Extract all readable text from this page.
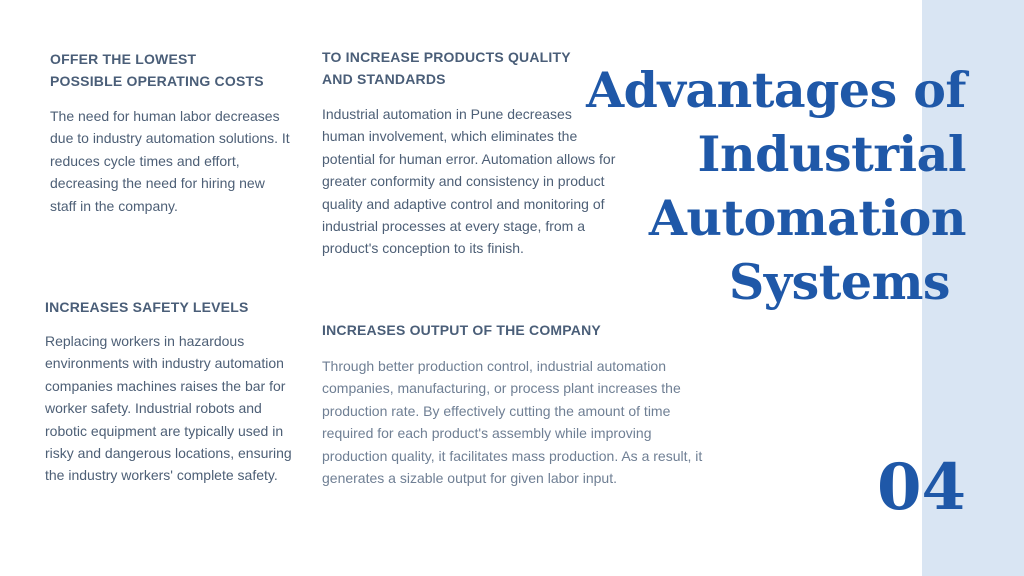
OFFER THE LOWEST
POSSIBLE OPERATING COSTS
The need for human labor decreases due to industry automation solutions. It reduces cycle times and effort, decreasing the need for hiring new staff in the company.
TO INCREASE PRODUCTS QUALITY
AND STANDARDS
Industrial automation in Pune decreases human involvement, which eliminates the potential for human error. Automation allows for greater conformity and consistency in product quality and adaptive control and monitoring of industrial processes at every stage, from a product's conception to its finish.
INCREASES SAFETY LEVELS
Replacing workers in hazardous environments with industry automation companies machines raises the bar for worker safety. Industrial robots and robotic equipment are typically used in risky and dangerous locations, ensuring the industry workers' complete safety.
INCREASES OUTPUT OF THE COMPANY
Through better production control, industrial automation companies, manufacturing, or process plant increases the production rate. By effectively cutting the amount of time required for each product's assembly while improving production quality, it facilitates mass production. As a result, it generates a sizable output for given labor input.
Advantages of
Industrial
Automation
Systems
04
